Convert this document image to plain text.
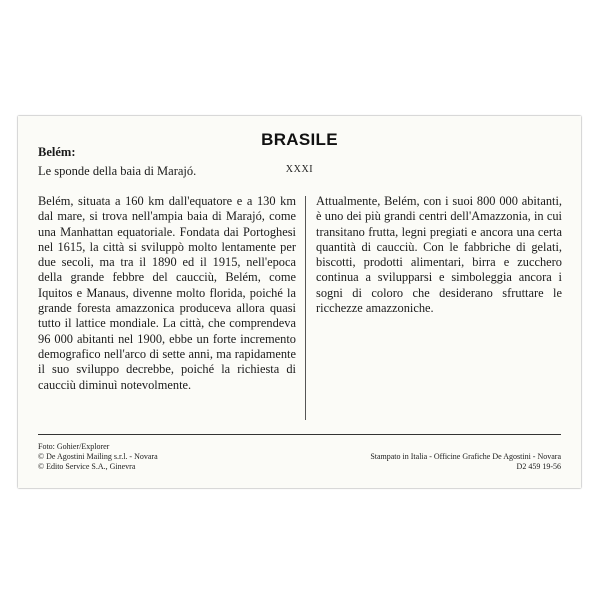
BRASILE
Belém:
Le sponde della baia di Marajó.	XXXI
Belém, situata a 160 km dall'equatore e a 130 km dal mare, si trova nell'ampia baia di Marajó, come una Manhattan equatoriale. Fondata dai Portoghesi nel 1615, la città si sviluppò molto lentamente per due secoli, ma tra il 1890 ed il 1915, nell'epoca della grande febbre del caucciù, Belém, come Iquitos e Manaus, divenne molto florida, poiché la grande foresta amazzonica produceva allora quasi tutto il lattice mondiale. La città, che comprendeva 96 000 abitanti nel 1900, ebbe un forte incremento demografico nell'arco di sette anni, ma rapidamente il suo sviluppo decrebbe, poiché la richiesta di caucciù diminuì notevolmente.
Attualmente, Belém, con i suoi 800 000 abitanti, è uno dei più grandi centri dell'Amazzonia, in cui transitano frutta, legni pregiati e ancora una certa quantità di caucciù. Con le fabbriche di gelati, biscotti, prodotti alimentari, birra e zucchero continua a svilupparsi e simboleggia ancora i sogni di coloro che desiderano sfruttare le ricchezze amazzoniche.
Foto: Gohier/Explorer
© De Agostini Mailing s.r.l. - Novara
© Edito Service S.A., Ginevra
Stampato in Italia - Officine Grafiche De Agostini - Novara
D2 459 19-56
